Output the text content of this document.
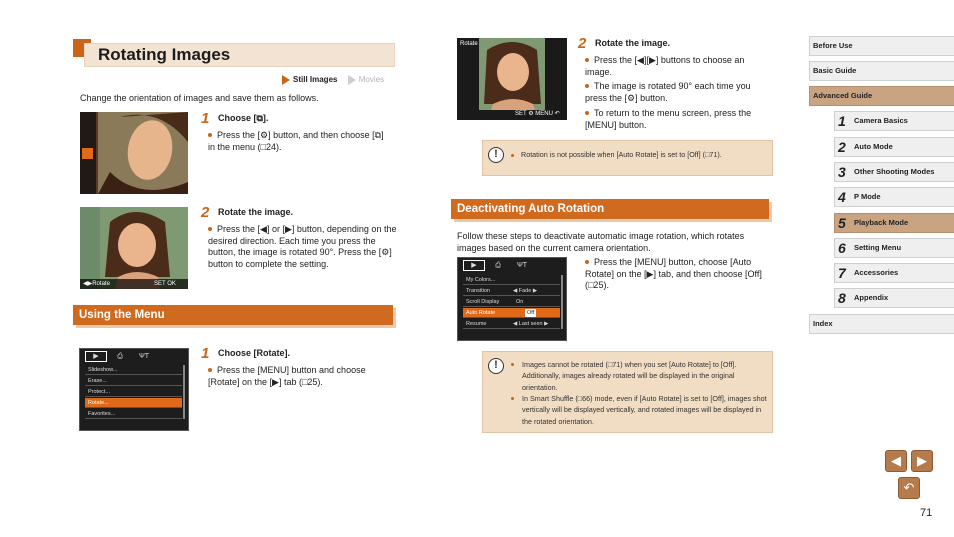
Rotating Images
Still Images	Movies
Change the orientation of images and save them as follows.
1 Choose [⧉].
Press the [⚙] button, and then choose [⧉] in the menu (□24).
◀▶Rotate	SET OK
2 Rotate the image.
Press the [◀] or [▶] button, depending on the desired direction. Each time you press the button, the image is rotated 90°. Press the [⚙] button to complete the setting.
Using the Menu
▶	⎙	ΨΤ
Slideshow...
Erase...
Protect...
Rotate...
Favorites...
1 Choose [Rotate].
Press the [MENU] button and choose [Rotate] on the [▶] tab (□25).
Rotate
SET ⚙ MENU ↶
2 Rotate the image.
Press the [◀][▶] buttons to choose an image.
The image is rotated 90° each time you press the [⚙] button.
To return to the menu screen, press the [MENU] button.
!	Rotation is not possible when [Auto Rotate] is set to [Off] (□71).
Deactivating Auto Rotation
Follow these steps to deactivate automatic image rotation, which rotates images based on the current camera orientation.
▶	⎙	ΨΤ
My Colors...
Transition	◀ Fade ▶
Scroll Display	On
Auto Rotate	Off
Resume	◀ Last seen ▶
Press the [MENU] button, choose [Auto Rotate] on the [▶] tab, and then choose [Off] (□25).
!	Images cannot be rotated (□71) when you set [Auto Rotate] to [Off]. Additionally, images already rotated will be displayed in the original orientation.
In Smart Shuffle (□66) mode, even if [Auto Rotate] is set to [Off], images shot vertically will be displayed vertically, and rotated images will be displayed in the rotated orientation.
Before Use
Basic Guide
Advanced Guide
1 Camera Basics
2 Auto Mode
3 Other Shooting Modes
4 P Mode
5 Playback Mode
6 Setting Menu
7 Accessories
8 Appendix
Index
◀	▶
↶
71
